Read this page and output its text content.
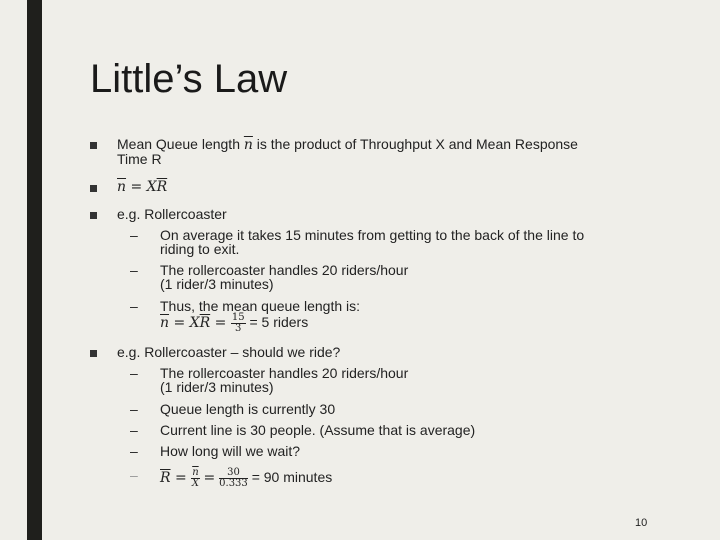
Little’s Law
Mean Queue length $\overline{n}$ is the product of Throughput X and Mean Response
Time R
$\overline{n} = X\overline{R}$
e.g. Rollercoaster
– On average it takes 15 minutes from getting to the back of the line to
riding to exit.
– The rollercoaster handles 20 riders/hour
(1 rider/3 minutes)
– Thus, the mean queue length is:
$\overline{n} = X\overline{R} = \frac{15}{3} = 5$ riders
e.g. Rollercoaster – should we ride?
– The rollercoaster handles 20 riders/hour
(1 rider/3 minutes)
– Queue length is currently 30
– Current line is 30 people. (Assume that is average)
– How long will we wait?
– $\overline{R} = \frac{\overline{n}}{X} = \frac{30}{0.333} = 90$ minutes
10
